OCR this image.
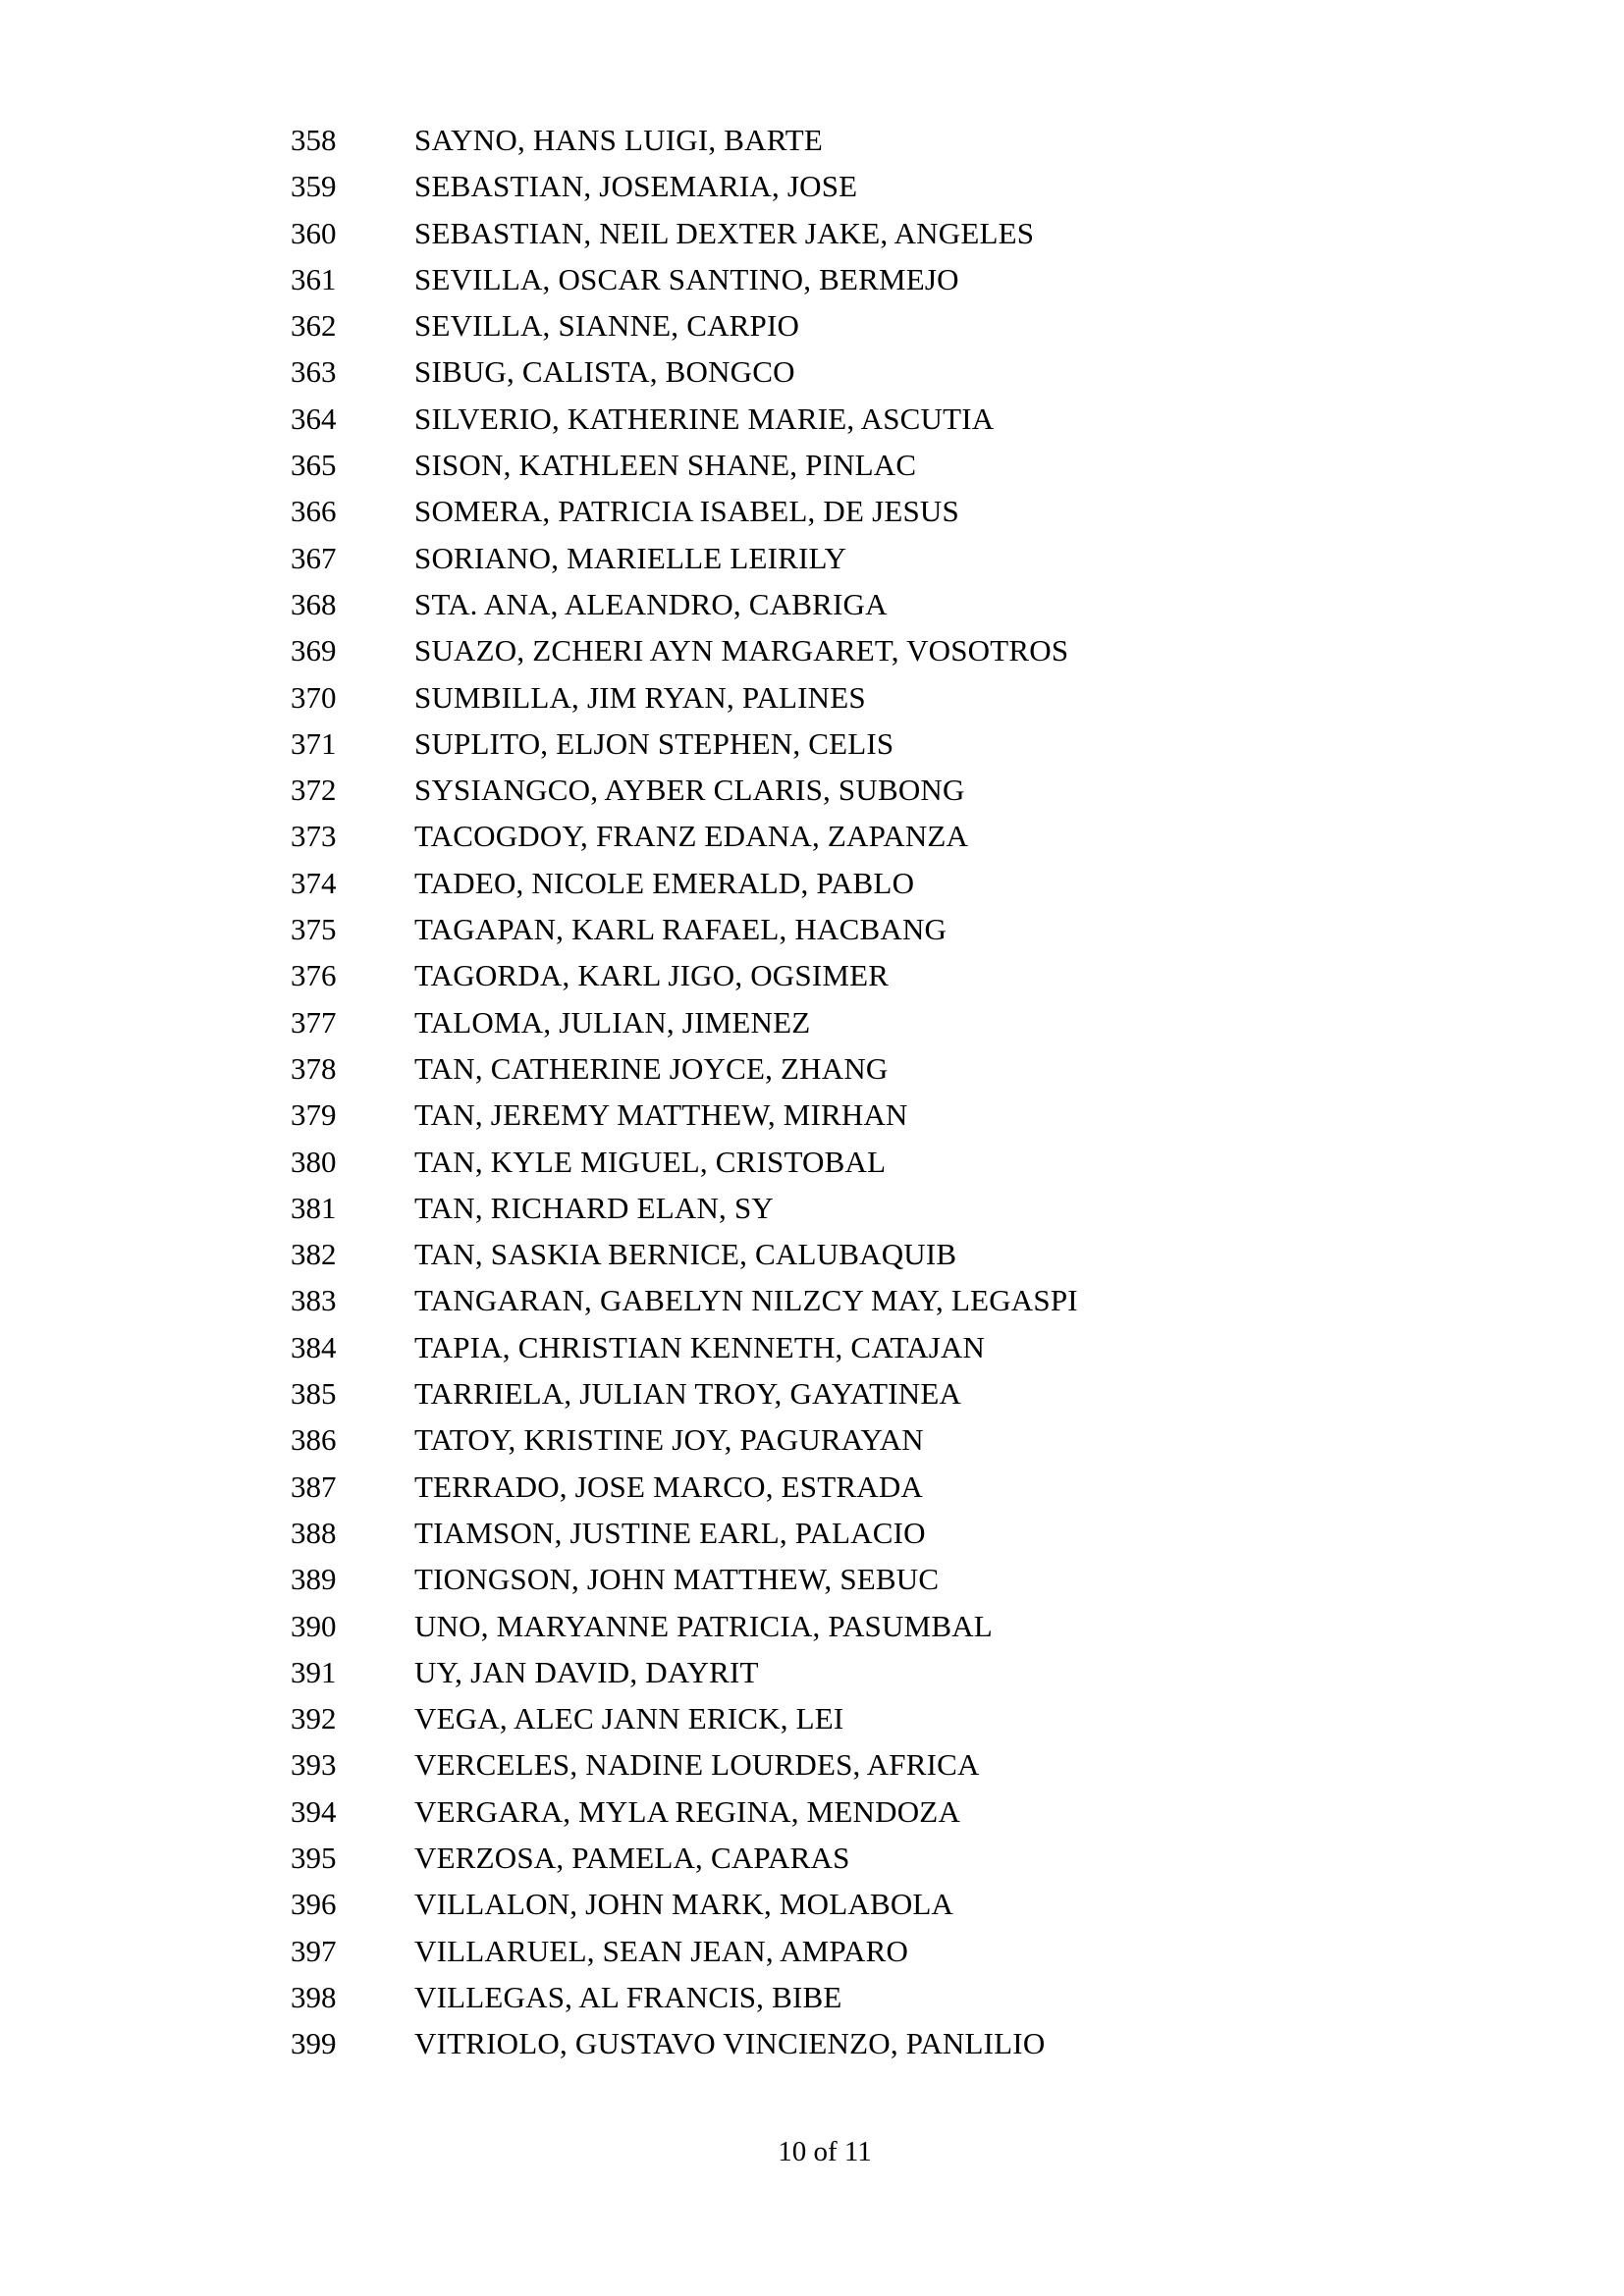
358	SAYNO, HANS LUIGI, BARTE
359	SEBASTIAN, JOSEMARIA, JOSE
360	SEBASTIAN, NEIL DEXTER JAKE, ANGELES
361	SEVILLA, OSCAR SANTINO, BERMEJO
362	SEVILLA, SIANNE, CARPIO
363	SIBUG, CALISTA, BONGCO
364	SILVERIO, KATHERINE MARIE, ASCUTIA
365	SISON, KATHLEEN SHANE, PINLAC
366	SOMERA, PATRICIA ISABEL, DE JESUS
367	SORIANO, MARIELLE LEIRILY
368	STA. ANA, ALEANDRO, CABRIGA
369	SUAZO, ZCHERI AYN MARGARET, VOSOTROS
370	SUMBILLA, JIM RYAN, PALINES
371	SUPLITO, ELJON STEPHEN, CELIS
372	SYSIANGCO, AYBER CLARIS, SUBONG
373	TACOGDOY, FRANZ EDANA, ZAPANZA
374	TADEO, NICOLE EMERALD, PABLO
375	TAGAPAN, KARL RAFAEL, HACBANG
376	TAGORDA, KARL JIGO, OGSIMER
377	TALOMA, JULIAN, JIMENEZ
378	TAN, CATHERINE JOYCE, ZHANG
379	TAN, JEREMY MATTHEW, MIRHAN
380	TAN, KYLE MIGUEL, CRISTOBAL
381	TAN, RICHARD ELAN, SY
382	TAN, SASKIA BERNICE, CALUBAQUIB
383	TANGARAN, GABELYN NILZCY MAY, LEGASPI
384	TAPIA, CHRISTIAN KENNETH, CATAJAN
385	TARRIELA, JULIAN TROY, GAYATINEA
386	TATOY, KRISTINE JOY, PAGURAYAN
387	TERRADO, JOSE MARCO, ESTRADA
388	TIAMSON, JUSTINE EARL, PALACIO
389	TIONGSON, JOHN MATTHEW, SEBUC
390	UNO, MARYANNE PATRICIA, PASUMBAL
391	UY, JAN DAVID, DAYRIT
392	VEGA, ALEC JANN ERICK, LEI
393	VERCELES, NADINE LOURDES, AFRICA
394	VERGARA, MYLA REGINA, MENDOZA
395	VERZOSA, PAMELA, CAPARAS
396	VILLALON, JOHN MARK, MOLABOLA
397	VILLARUEL, SEAN JEAN, AMPARO
398	VILLEGAS, AL FRANCIS, BIBE
399	VITRIOLO, GUSTAVO VINCIENZO, PANLILIO
10 of 11
